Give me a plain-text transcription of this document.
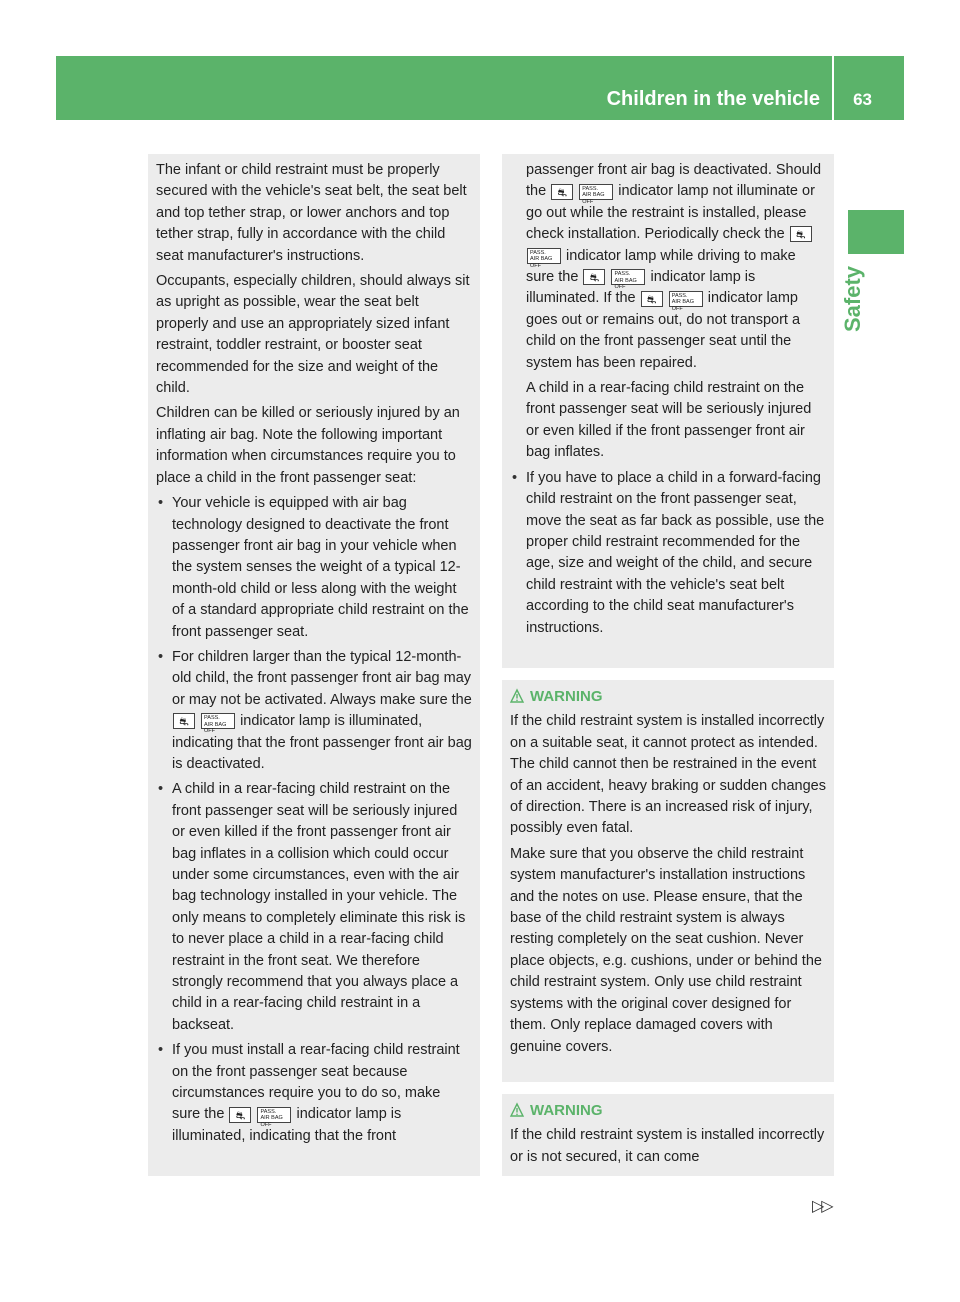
Children in the vehicle 63
Safety

The infant or child restraint must be properly secured with the vehicle's seat belt, the seat belt and top tether strap, or lower anchors and top tether strap, fully in accordance with the child seat manufacturer's instructions.

Occupants, especially children, should always sit as upright as possible, wear the seat belt properly and use an appropriately sized infant restraint, toddler restraint, or booster seat recommended for the size and weight of the child.

Children can be killed or seriously injured by an inflating air bag. Note the following important information when circumstances require you to place a child in the front passenger seat:

• Your vehicle is equipped with air bag technology designed to deactivate the front passenger front air bag in your vehicle when the system senses the weight of a typical 12-month-old child or less along with the weight of a standard appropriate child restraint on the front passenger seat.
• For children larger than the typical 12-month-old child, the front passenger front air bag may or may not be activated. Always make sure the ⛐	PASS.
AIR BAG OFF indicator lamp is illuminated, indicating that the front passenger front air bag is deactivated.
• A child in a rear-facing child restraint on the front passenger seat will be seriously injured or even killed if the front passenger front air bag inflates in a collision which could occur under some circumstances, even with the air bag technology installed in your vehicle. The only means to completely eliminate this risk is to never place a child in a rear-facing child restraint in the front seat. We therefore strongly recommend that you always place a child in a rear-facing child restraint in a backseat.
• If you must install a rear-facing child restraint on the front passenger seat because circumstances require you to do so, make sure the ⛐	PASS.
AIR BAG OFF indicator lamp is illuminated, indicating that the front

passenger front air bag is deactivated. Should the ⛐	PASS.
AIR BAG OFF indicator lamp not illuminate or go out while the restraint is installed, please check installation. Periodically check the ⛐ PASS.
AIR BAG OFF indicator lamp while driving to make sure the ⛐	PASS.
AIR BAG OFF indicator lamp is illuminated. If the ⛐	PASS.
AIR BAG OFF indicator lamp goes out or remains out, do not transport a child on the front passenger seat until the system has been repaired.

A child in a rear-facing child restraint on the front passenger seat will be seriously injured or even killed if the front passenger front air bag inflates.

• If you have to place a child in a forward-facing child restraint on the front passenger seat, move the seat as far back as possible, use the proper child restraint recommended for the age, size and weight of the child, and secure child restraint with the vehicle's seat belt according to the child seat manufacturer's instructions.
WARNING

If the child restraint system is installed incorrectly on a suitable seat, it cannot protect as intended. The child cannot then be restrained in the event of an accident, heavy braking or sudden changes of direction. There is an increased risk of injury, possibly even fatal.

Make sure that you observe the child restraint system manufacturer's installation instructions and the notes on use. Please ensure, that the base of the child restraint system is always resting completely on the seat cushion. Never place objects, e.g. cushions, under or behind the child restraint system. Only use child restraint systems with the original cover designed for them. Only replace damaged covers with genuine covers.

WARNING

If the child restraint system is installed incorrectly or is not secured, it can come

▷▷
